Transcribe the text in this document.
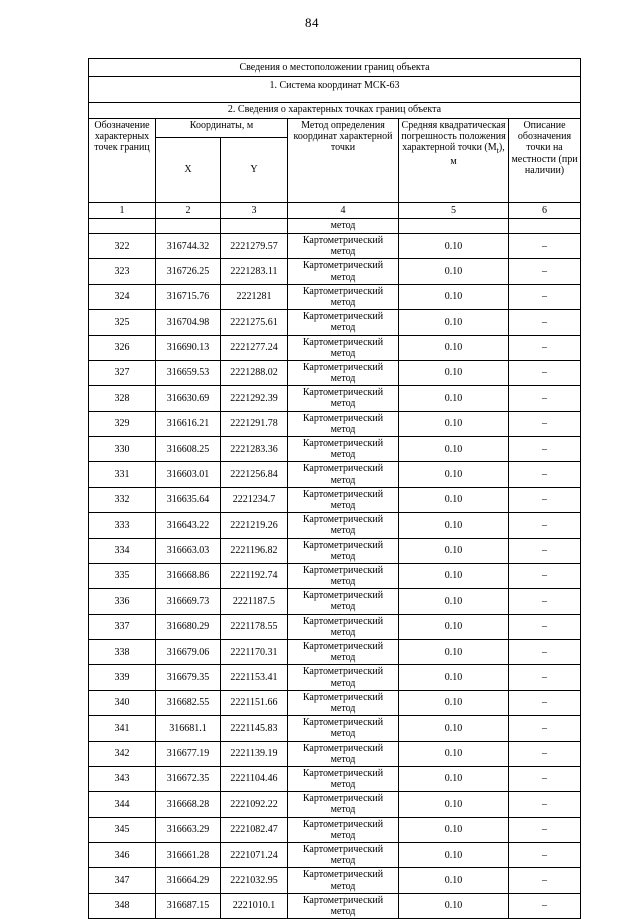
84
Сведения о местоположении границ объекта					
1. Система координат МСК-63					
2. Сведения о характерных точках границ объекта					
Обозначение характерных точек границ	Координаты, м		Метод определения координат характерной точки	Средняя квадратическая погрешность положения характерной точки $(М_t)$, м	Описание обозначения точки на местности (при наличии)
	X	Y			
1	2	3	4	5	6
			метод		
322	316744.32	2221279.57	Картометрический метод	0.10	–
323	316726.25	2221283.11	Картометрический метод	0.10	–
324	316715.76	2221281	Картометрический метод	0.10	–
325	316704.98	2221275.61	Картометрический метод	0.10	–
326	316690.13	2221277.24	Картометрический метод	0.10	–
327	316659.53	2221288.02	Картометрический метод	0.10	–
328	316630.69	2221292.39	Картометрический метод	0.10	–
329	316616.21	2221291.78	Картометрический метод	0.10	–
330	316608.25	2221283.36	Картометрический метод	0.10	–
331	316603.01	2221256.84	Картометрический метод	0.10	–
332	316635.64	2221234.7	Картометрический метод	0.10	–
333	316643.22	2221219.26	Картометрический метод	0.10	–
334	316663.03	2221196.82	Картометрический метод	0.10	–
335	316668.86	2221192.74	Картометрический метод	0.10	–
336	316669.73	2221187.5	Картометрический метод	0.10	–
337	316680.29	2221178.55	Картометрический метод	0.10	–
338	316679.06	2221170.31	Картометрический метод	0.10	–
339	316679.35	2221153.41	Картометрический метод	0.10	–
340	316682.55	2221151.66	Картометрический метод	0.10	–
341	316681.1	2221145.83	Картометрический метод	0.10	–
342	316677.19	2221139.19	Картометрический метод	0.10	–
343	316672.35	2221104.46	Картометрический метод	0.10	–
344	316668.28	2221092.22	Картометрический метод	0.10	–
345	316663.29	2221082.47	Картометрический метод	0.10	–
346	316661.28	2221071.24	Картометрический метод	0.10	–
347	316664.29	2221032.95	Картометрический метод	0.10	–
348	316687.15	2221010.1	Картометрический метод	0.10	–
